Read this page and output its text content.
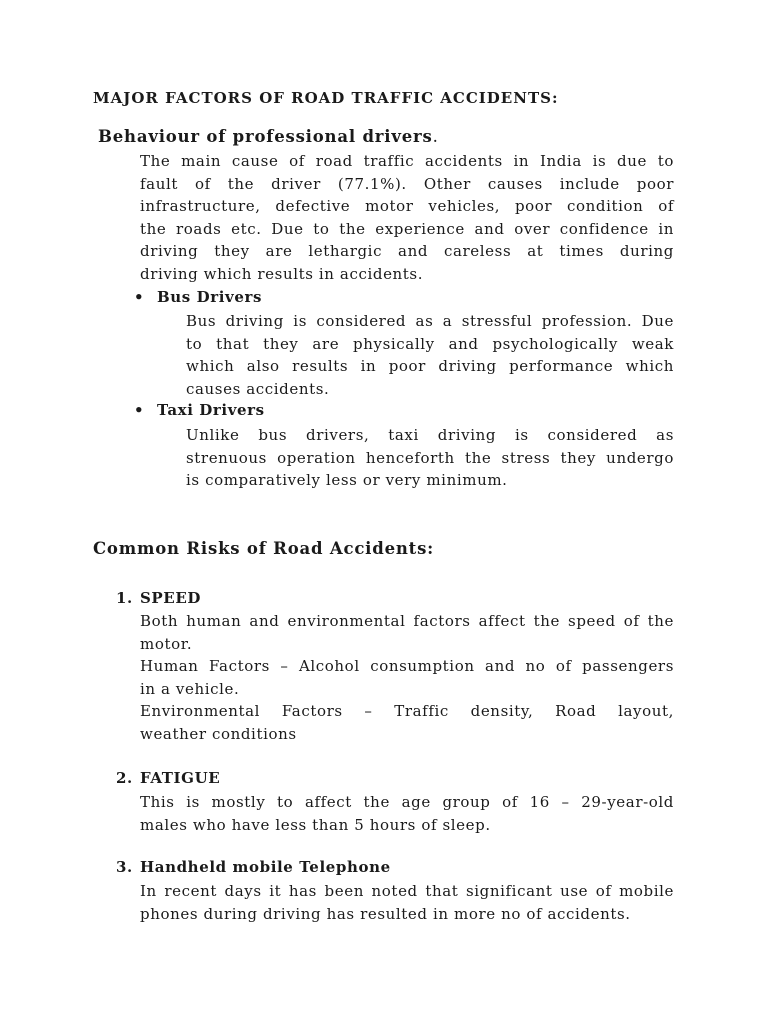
MAJOR FACTORS OF ROAD TRAFFIC ACCIDENTS:
Behaviour of professional drivers.
The main cause of road traffic accidents in India is due to
fault of the driver (77.1%). Other causes include poor
infrastructure, defective motor vehicles, poor condition of
the roads etc. Due to the experience and over confidence in
driving they are lethargic and careless at times during
driving which results in accidents.
• Bus Drivers
Bus driving is considered as a stressful profession. Due
to that they are physically and psychologically weak
which also results in poor driving performance which
causes accidents.
• Taxi Drivers
Unlike bus drivers, taxi driving is considered as
strenuous operation henceforth the stress they undergo
is comparatively less or very minimum.
Common Risks of Road Accidents:
1. SPEED
Both human and environmental factors affect the speed of the
motor.
Human Factors – Alcohol consumption and no of passengers
in a vehicle.
Environmental Factors – Traffic density, Road layout,
weather conditions
2. FATIGUE
This is mostly to affect the age group of 16 – 29-year-old
males who have less than 5 hours of sleep.
3. Handheld mobile Telephone
In recent days it has been noted that significant use of mobile
phones during driving has resulted in more no of accidents.
